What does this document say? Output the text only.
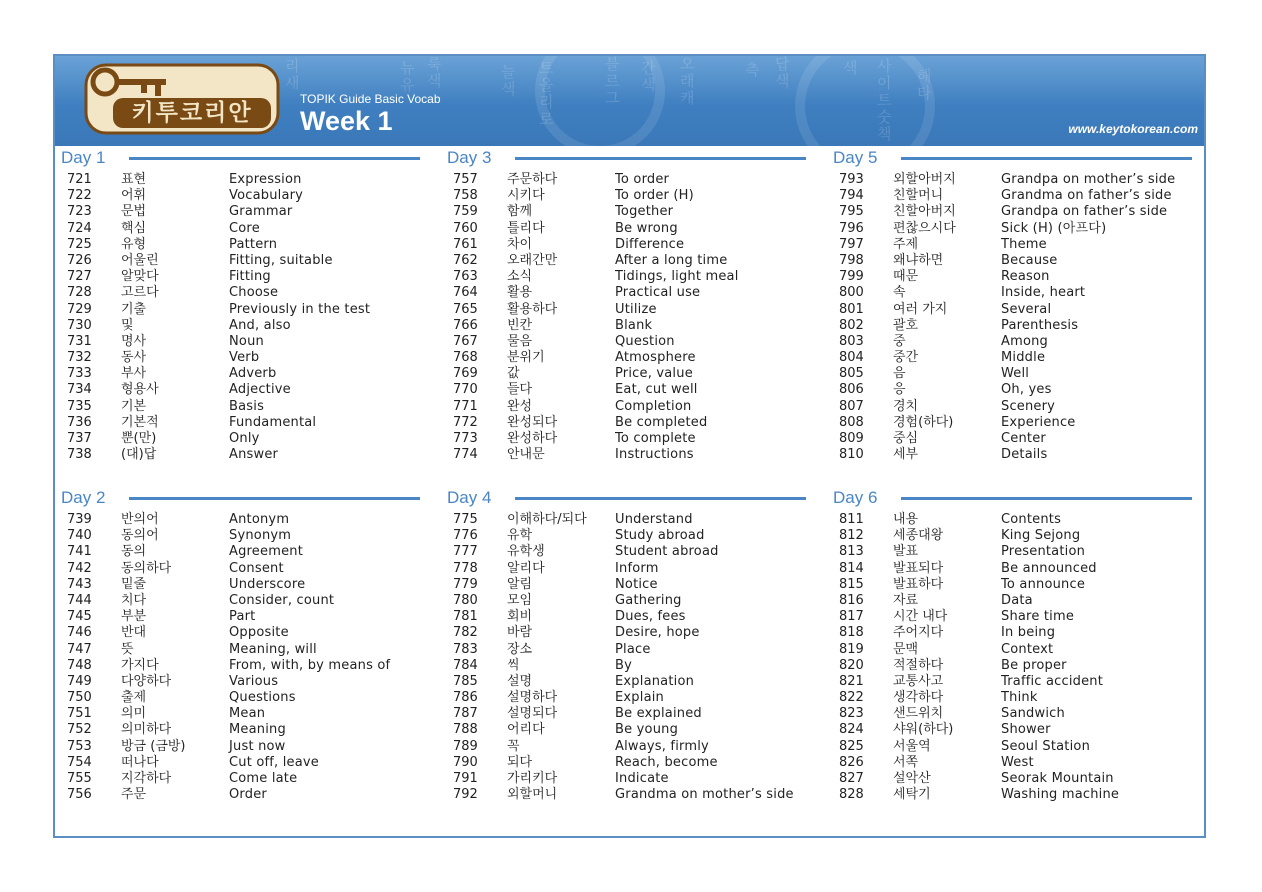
리새
뉴유
룩색	늘색
트올리로
블르그
간색
오래캐
측 답색
색 사이트숫책
해타
키투코리안
TOPIK Guide Basic Vocab
Week 1	www.keytokorean.com
Day 1
721 표현	Expression
722 어휘	Vocabulary
723 문법	Grammar
724 핵심	Core
725 유형	Pattern
726 어울린	Fitting, suitable
727 알맞다	Fitting
728 고르다	Choose
729 기출	Previously in the test
730 및	And, also
731 명사	Noun
732 동사	Verb
733 부사	Adverb
734 형용사	Adjective
735 기본	Basis
736 기본적	Fundamental
737 뿐(만)	Only
738 (대)답	Answer
Day 3
757 주문하다	To order
758 시키다	To order (H)
759 함께	Together
760 틀리다	Be wrong
761 차이	Difference
762 오래간만	After a long time
763 소식	Tidings, light meal
764 활용	Practical use
765 활용하다	Utilize
766 빈칸	Blank
767 물음	Question
768 분위기	Atmosphere
769 값	Price, value
770 들다	Eat, cut well
771 완성	Completion
772 완성되다	Be completed
773 완성하다	To complete
774 안내문	Instructions
Day 5
793 외할아버지	Grandpa on mother’s side
794 친할머니	Grandma on father’s side
795 친할아버지	Grandpa on father’s side
796 편찮으시다	Sick (H) (아프다)
797 주제	Theme
798 왜냐하면	Because
799 때문	Reason
800 속	Inside, heart
801 여러 가지	Several
802 괄호	Parenthesis
803 중	Among
804 중간	Middle
805 음	Well
806 응	Oh, yes
807 경치	Scenery
808 경험(하다)	Experience
809 중심	Center
810 세부	Details
Day 2
739 반의어	Antonym
740 동의어	Synonym
741 동의	Agreement
742 동의하다	Consent
743 밑줄	Underscore
744 치다	Consider, count
745 부분	Part
746 반대	Opposite
747 뜻	Meaning, will
748 가지다	From, with, by means of
749 다양하다	Various
750 출제	Questions
751 의미	Mean
752 의미하다	Meaning
753 방금 (금방)	Just now
754 떠나다	Cut off, leave
755 지각하다	Come late
756 주문	Order
Day 4
775 이해하다/되다 Understand
776 유학	Study abroad
777 유학생	Student abroad
778 알리다	Inform
779 알림	Notice
780 모임	Gathering
781 회비	Dues, fees
782 바람	Desire, hope
783 장소	Place
784 씩	By
785 설명	Explanation
786 설명하다	Explain
787 설명되다	Be explained
788 어리다	Be young
789 꼭	Always, firmly
790 되다	Reach, become
791 가리키다	Indicate
792 외할머니	Grandma on mother’s side
Day 6
811 내용	Contents
812 세종대왕	King Sejong
813 발표	Presentation
814 발표되다	Be announced
815 발표하다	To announce
816 자료	Data
817 시간 내다	Share time
818 주어지다	In being
819 문맥	Context
820 적절하다	Be proper
821 교통사고	Traffic accident
822 생각하다	Think
823 샌드위치	Sandwich
824 샤워(하다)	Shower
825 서울역	Seoul Station
826 서쪽	West
827 설악산	Seorak Mountain
828 세탁기	Washing machine
